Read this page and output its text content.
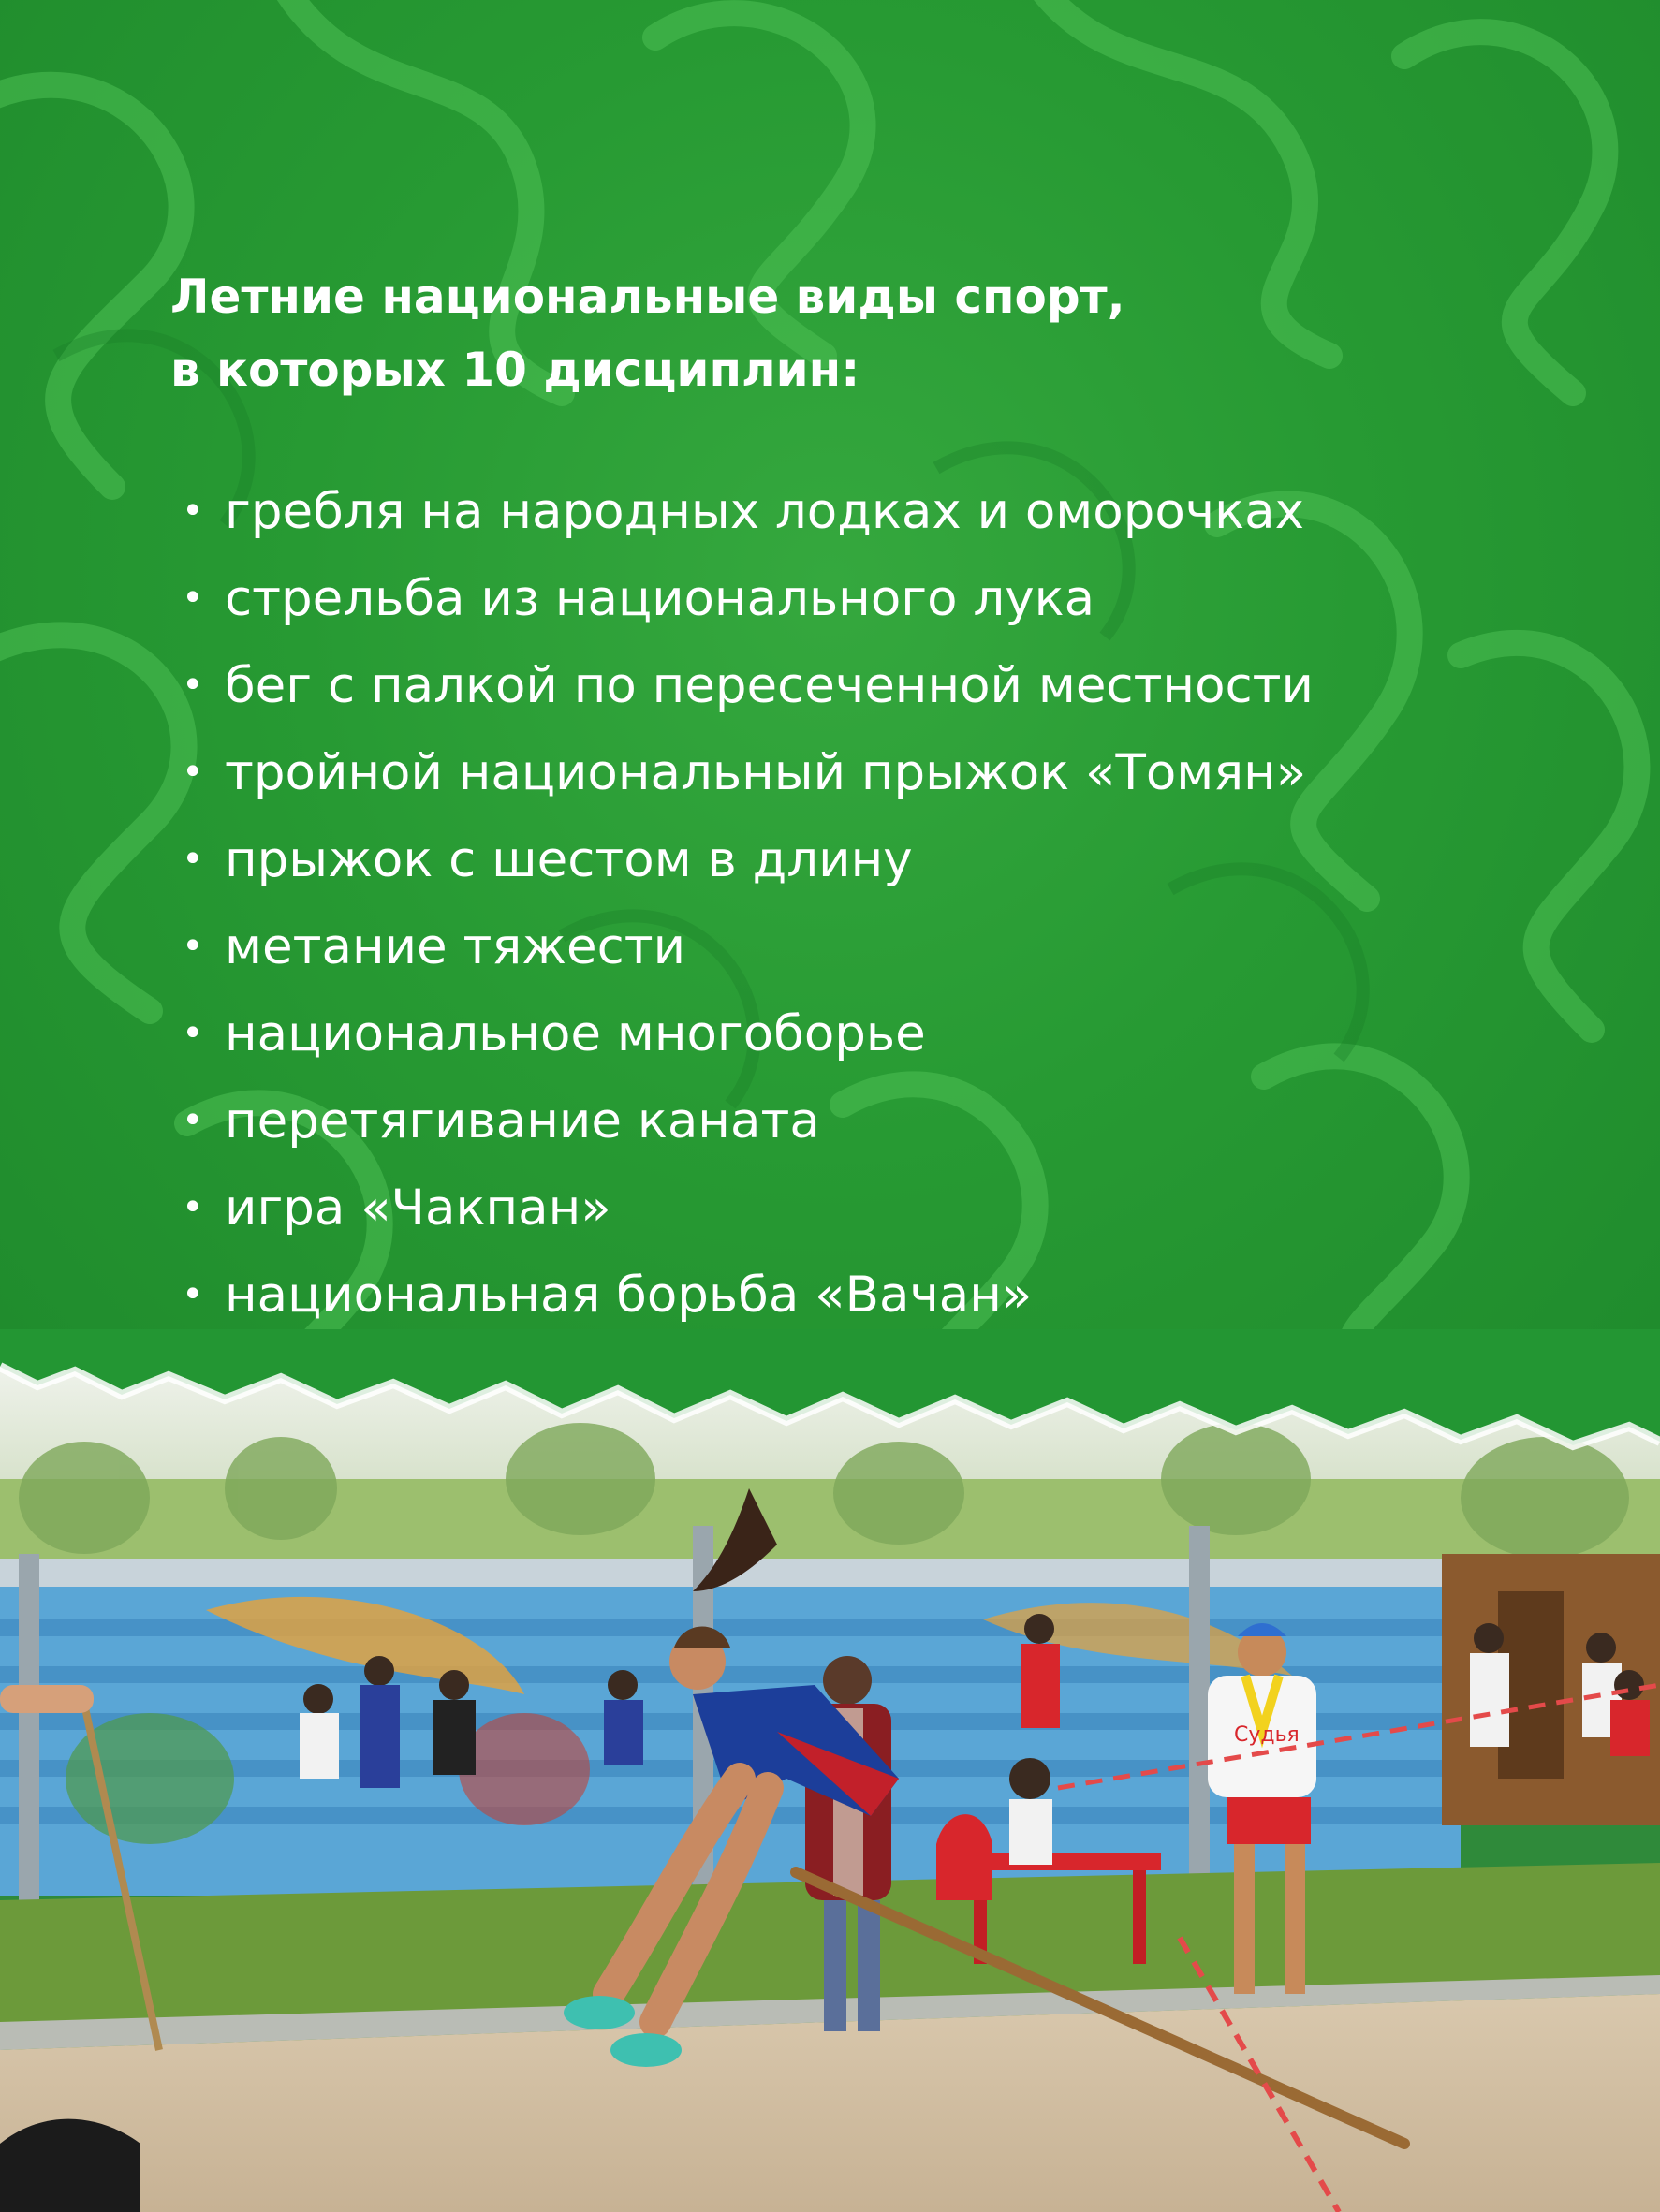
Летние национальные виды спорт,
в которых 10 дисциплин:
• гребля на народных лодках и оморочках
• стрельба из национального лука
• бег с палкой по пересеченной местности
• тройной национальный прыжок «Томян»
• прыжок с шестом в длину
• метание тяжести
• национальное многоборье
• перетягивание каната
• игра «Чакпан»
• национальная борьба «Вачан»
Судья
